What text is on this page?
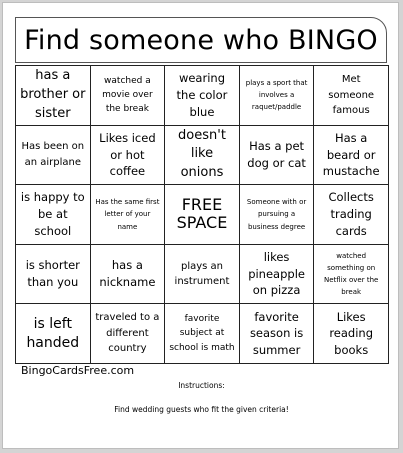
Find someone who BINGO
has a brother or sister
watched a movie over the break
wearing the color blue
plays a sport that involves a raquet/paddle
Met someone famous
Has been on an airplane
Likes iced or hot coffee
doesn't like onions
Has a pet dog or cat
Has a beard or mustache
is happy to be at school
Has the same first letter of your name
FREE SPACE
Someone with or pursuing a business degree
Collects trading cards
is shorter than you
has a nickname
plays an instrument
likes pineapple on pizza
watched something on Netflix over the break
is left handed
traveled to a different country
favorite subject at school is math
favorite season is summer
Likes reading books
BingoCardsFree.com
Instructions:
Find wedding guests who fit the given criteria!
